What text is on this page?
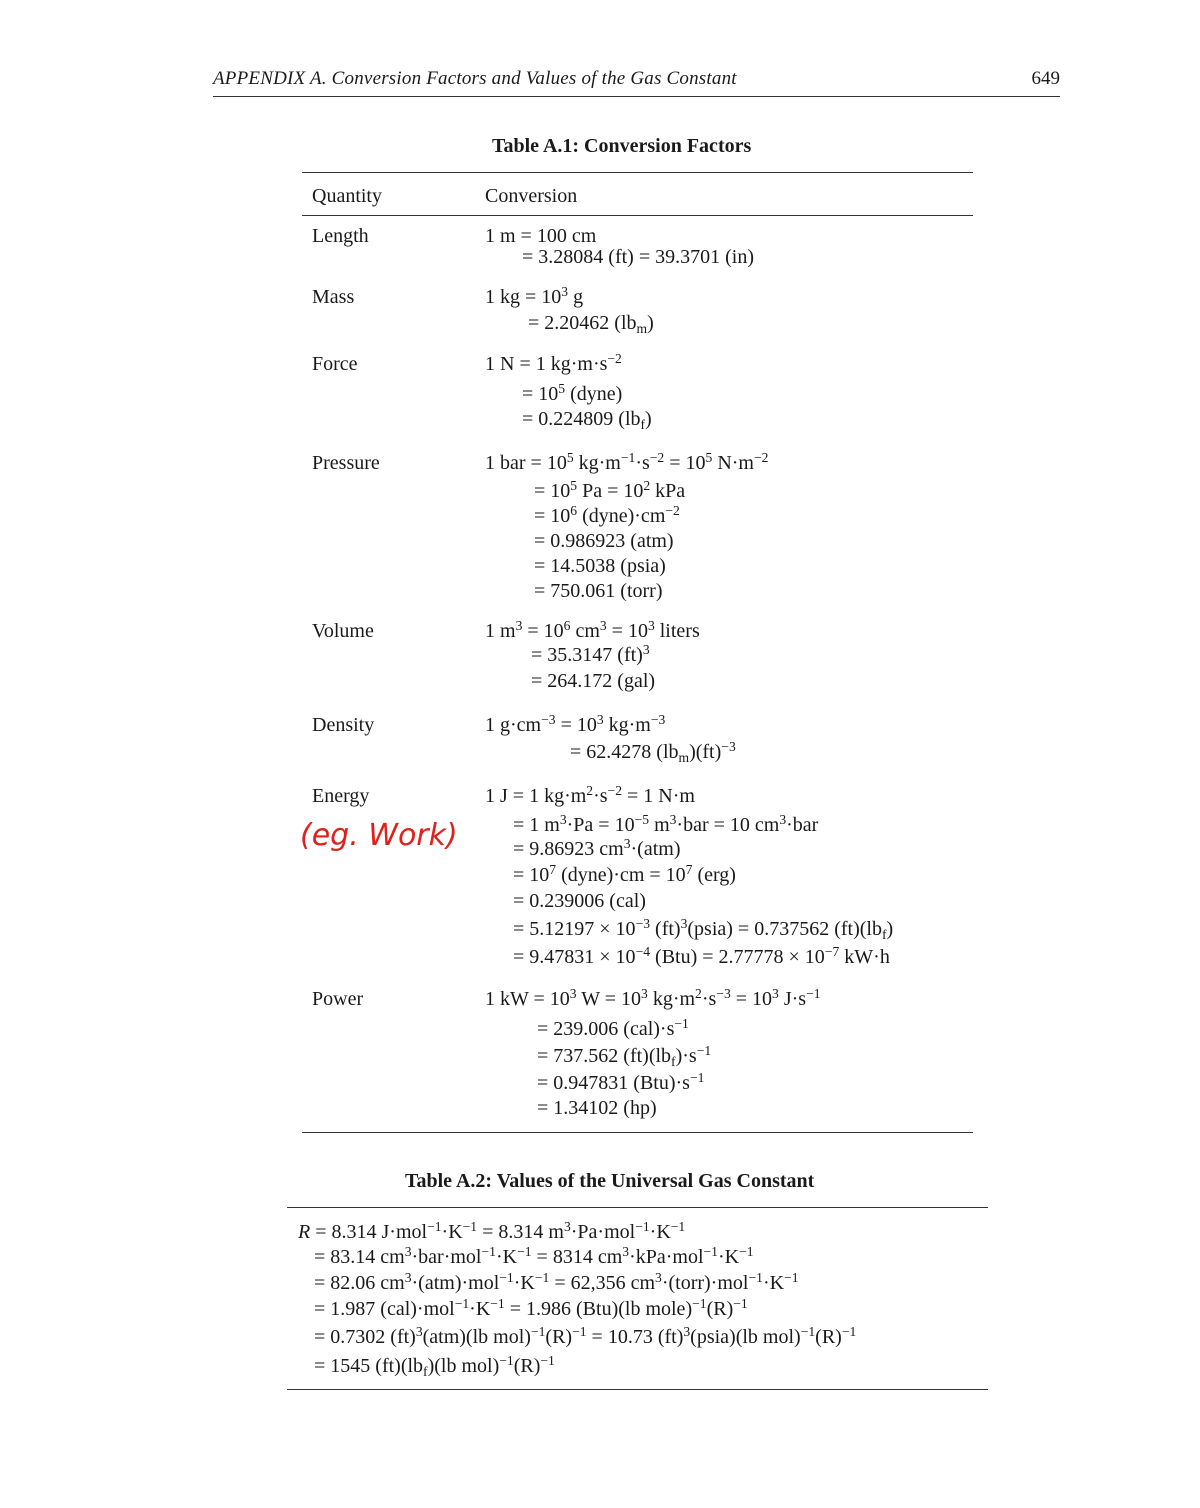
APPENDIX A. Conversion Factors and Values of the Gas Constant	649
Table A.1: Conversion Factors
Quantity	Conversion
Length
Mass
Force
Pressure
Volume
Density
Energy
Power
1 m = 100 cm
= 3.28084 (ft) = 39.3701 (in)
1 kg = $10^3$ g
= 2.20462 $(lb_m)$
1 N = 1 $kg\cdot m\cdot s^{-2}$
= $10^5$ (dyne)
= 0.224809 $(lb_f)$
1 bar = $10^5$ $kg\cdot m^{-1}\cdot s^{-2} = 10^5$ $N\cdot m^{-2}$
= $10^5$ $Pa = 10^2$ kPa
= $10^6$ $(dyne)\cdot cm^{-2}$
= 0.986923 (atm)
= 14.5038 (psia)
= 750.061 (torr)
1 $m^3 = 10^6$ $cm^3 = 10^3$ liters
= 35.3147 (ft)$^3$
= 264.172 (gal)
1 $g\cdot cm^{-3} = 10^3$ $kg\cdot m^{-3}$
= 62.4278 $(lb_m)(ft)^{-3}$
1 J = 1 $kg\cdot m^2\cdot s^{-2} = 1$ N·m
= 1 $m^3\cdot Pa = 10^{-5}$ $m^3\cdot bar = 10$ $cm^3\cdot bar$
= 9.86923 $cm^3\cdot(atm)$
= $10^7$ (dyne)·cm = $10^7$ (erg)
= 0.239006 (cal)
= $5.12197 \times 10^{-3}$ (ft)$^3$(psia) = 0.737562 $(ft)(lb_f)$
= $9.47831 \times 10^{-4}$ $(Btu) = 2.77778 \times 10^{-7}$ kW·h
1 kW = $10^3$ $W = 10^3$ $kg\cdot m^2\cdot s^{-3} = 10^3$ $J\cdot s^{-1}$
= 239.006 $(cal)\cdot s^{-1}$
= 737.562 $(ft)(lb_f)\cdot s^{-1}$
= 0.947831 $(Btu)\cdot s^{-1}$
= 1.34102 (hp)
(eg. Work)
Table A.2: Values of the Universal Gas Constant
R = 8.314 $J\cdot mol^{-1}\cdot K^{-1} = 8.314$ $m^3\cdot Pa\cdot mol^{-1}\cdot K^{-1}$
= 83.14 $cm^3\cdot bar\cdot mol^{-1}\cdot K^{-1} = 8314$ $cm^3\cdot kPa\cdot mol^{-1}\cdot K^{-1}$
= 82.06 $cm^3\cdot(atm)\cdot mol^{-1}\cdot K^{-1} = 62,356$ $cm^3\cdot(torr)\cdot mol^{-1}\cdot K^{-1}$
= 1.987 $(cal)\cdot mol^{-1}\cdot K^{-1} = 1.986$ (Btu)(lb $mole)^{-1}(R)^{-1}$
= 0.7302 (ft)$^3$(atm)(lb $mol)^{-1}(R)^{-1} = 10.73$ (ft)$^3$(psia)(lb $mol)^{-1}(R)^{-1}$
= 1545 $(ft)(lb_f)(lb$ $mol)^{-1}(R)^{-1}$
